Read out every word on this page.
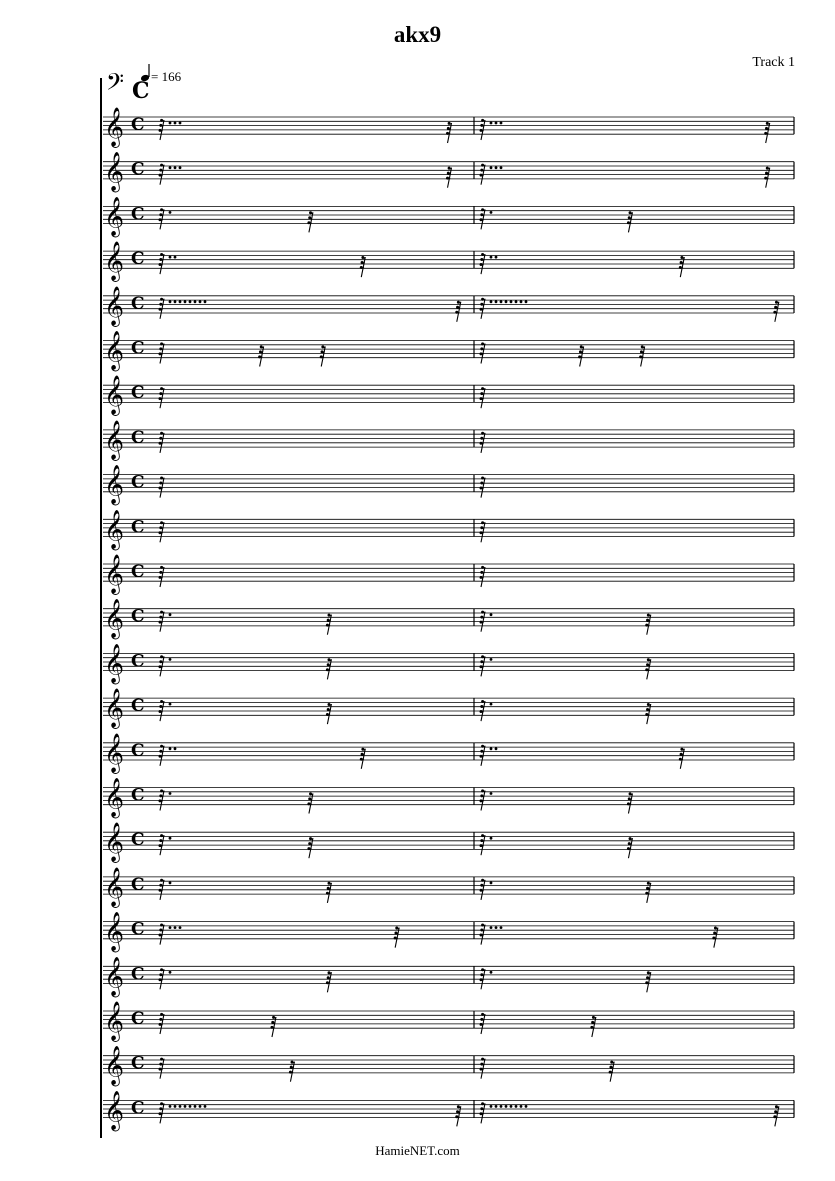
akx9
Track 1
HamieNET.com
𝄢 = 166
C
𝄞 C
𝄞 C
𝄞 C
𝄞 C
𝄞 C
𝄞 C
𝄞 C
𝄞 C
𝄞 C
𝄞 C
𝄞 C
𝄞 C
𝄞 C
𝄞 C
𝄞 C
𝄞 C
𝄞 C
𝄞 C
𝄞 C
𝄞 C
𝄞 C
𝄞 C
𝄞 C
